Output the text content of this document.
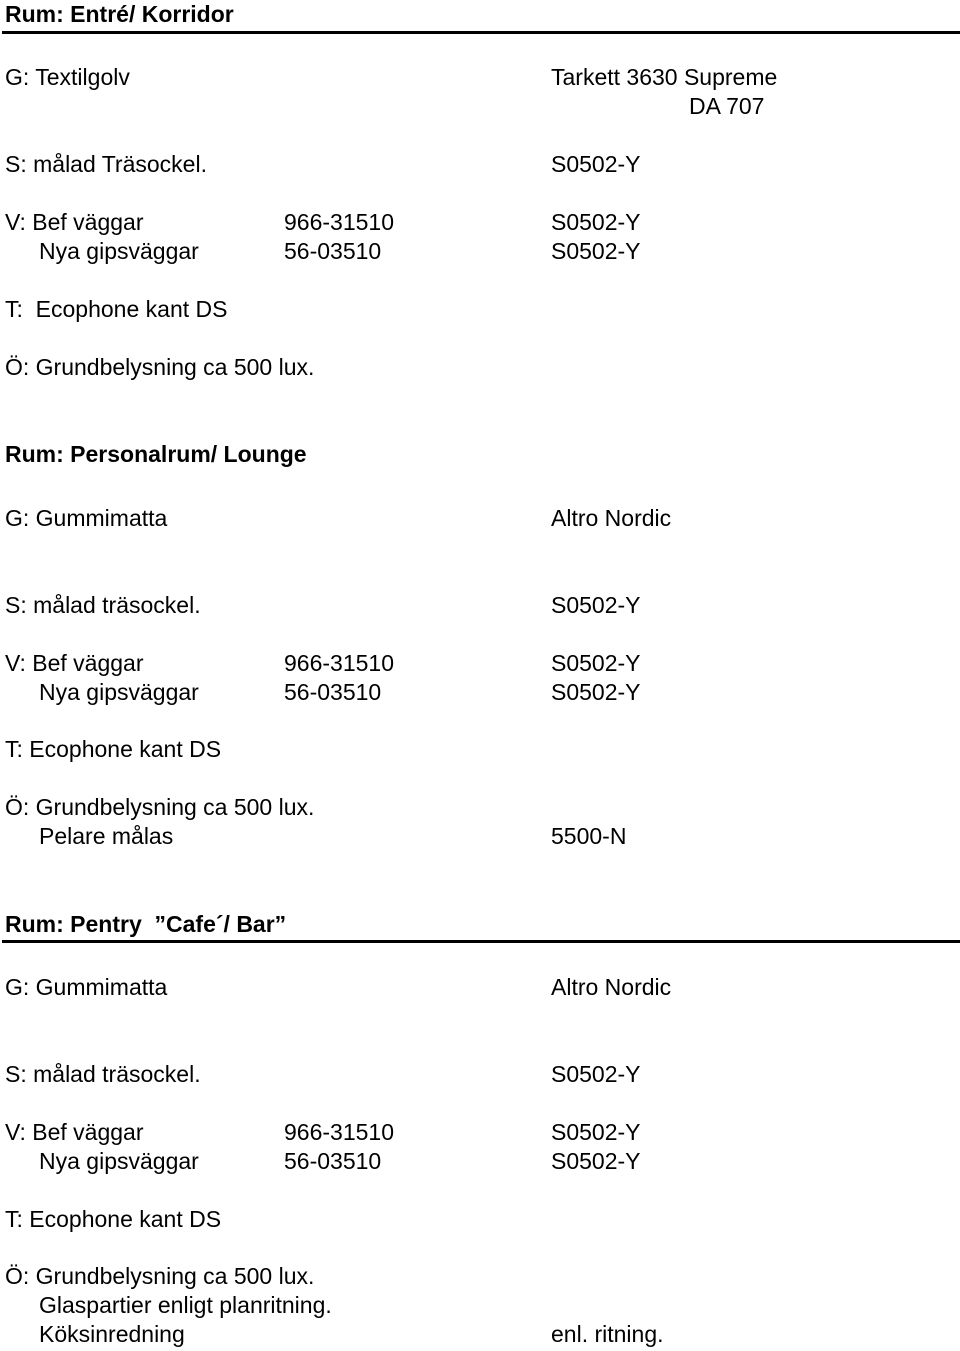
Rum: Entré/ Korridor
G: Textilgolv	Tarkett 3630 Supreme
DA 707
S: målad Träsockel.	S0502-Y
V: Bef väggar	966-31510	S0502-Y
Nya gipsväggar	56-03510	S0502-Y
T:  Ecophone kant DS
Ö: Grundbelysning ca 500 lux.
Rum: Personalrum/ Lounge
G: Gummimatta	Altro Nordic
S: målad träsockel.	S0502-Y
V: Bef väggar	966-31510	S0502-Y
Nya gipsväggar	56-03510	S0502-Y
T: Ecophone kant DS
Ö: Grundbelysning ca 500 lux.
Pelare målas	5500-N
Rum: Pentry  ”Cafe´/ Bar”
G: Gummimatta	Altro Nordic
S: målad träsockel.	S0502-Y
V: Bef väggar	966-31510	S0502-Y
Nya gipsväggar	56-03510	S0502-Y
T: Ecophone kant DS
Ö: Grundbelysning ca 500 lux.
Glaspartier enligt planritning.
Köksinredning	enl. ritning.
